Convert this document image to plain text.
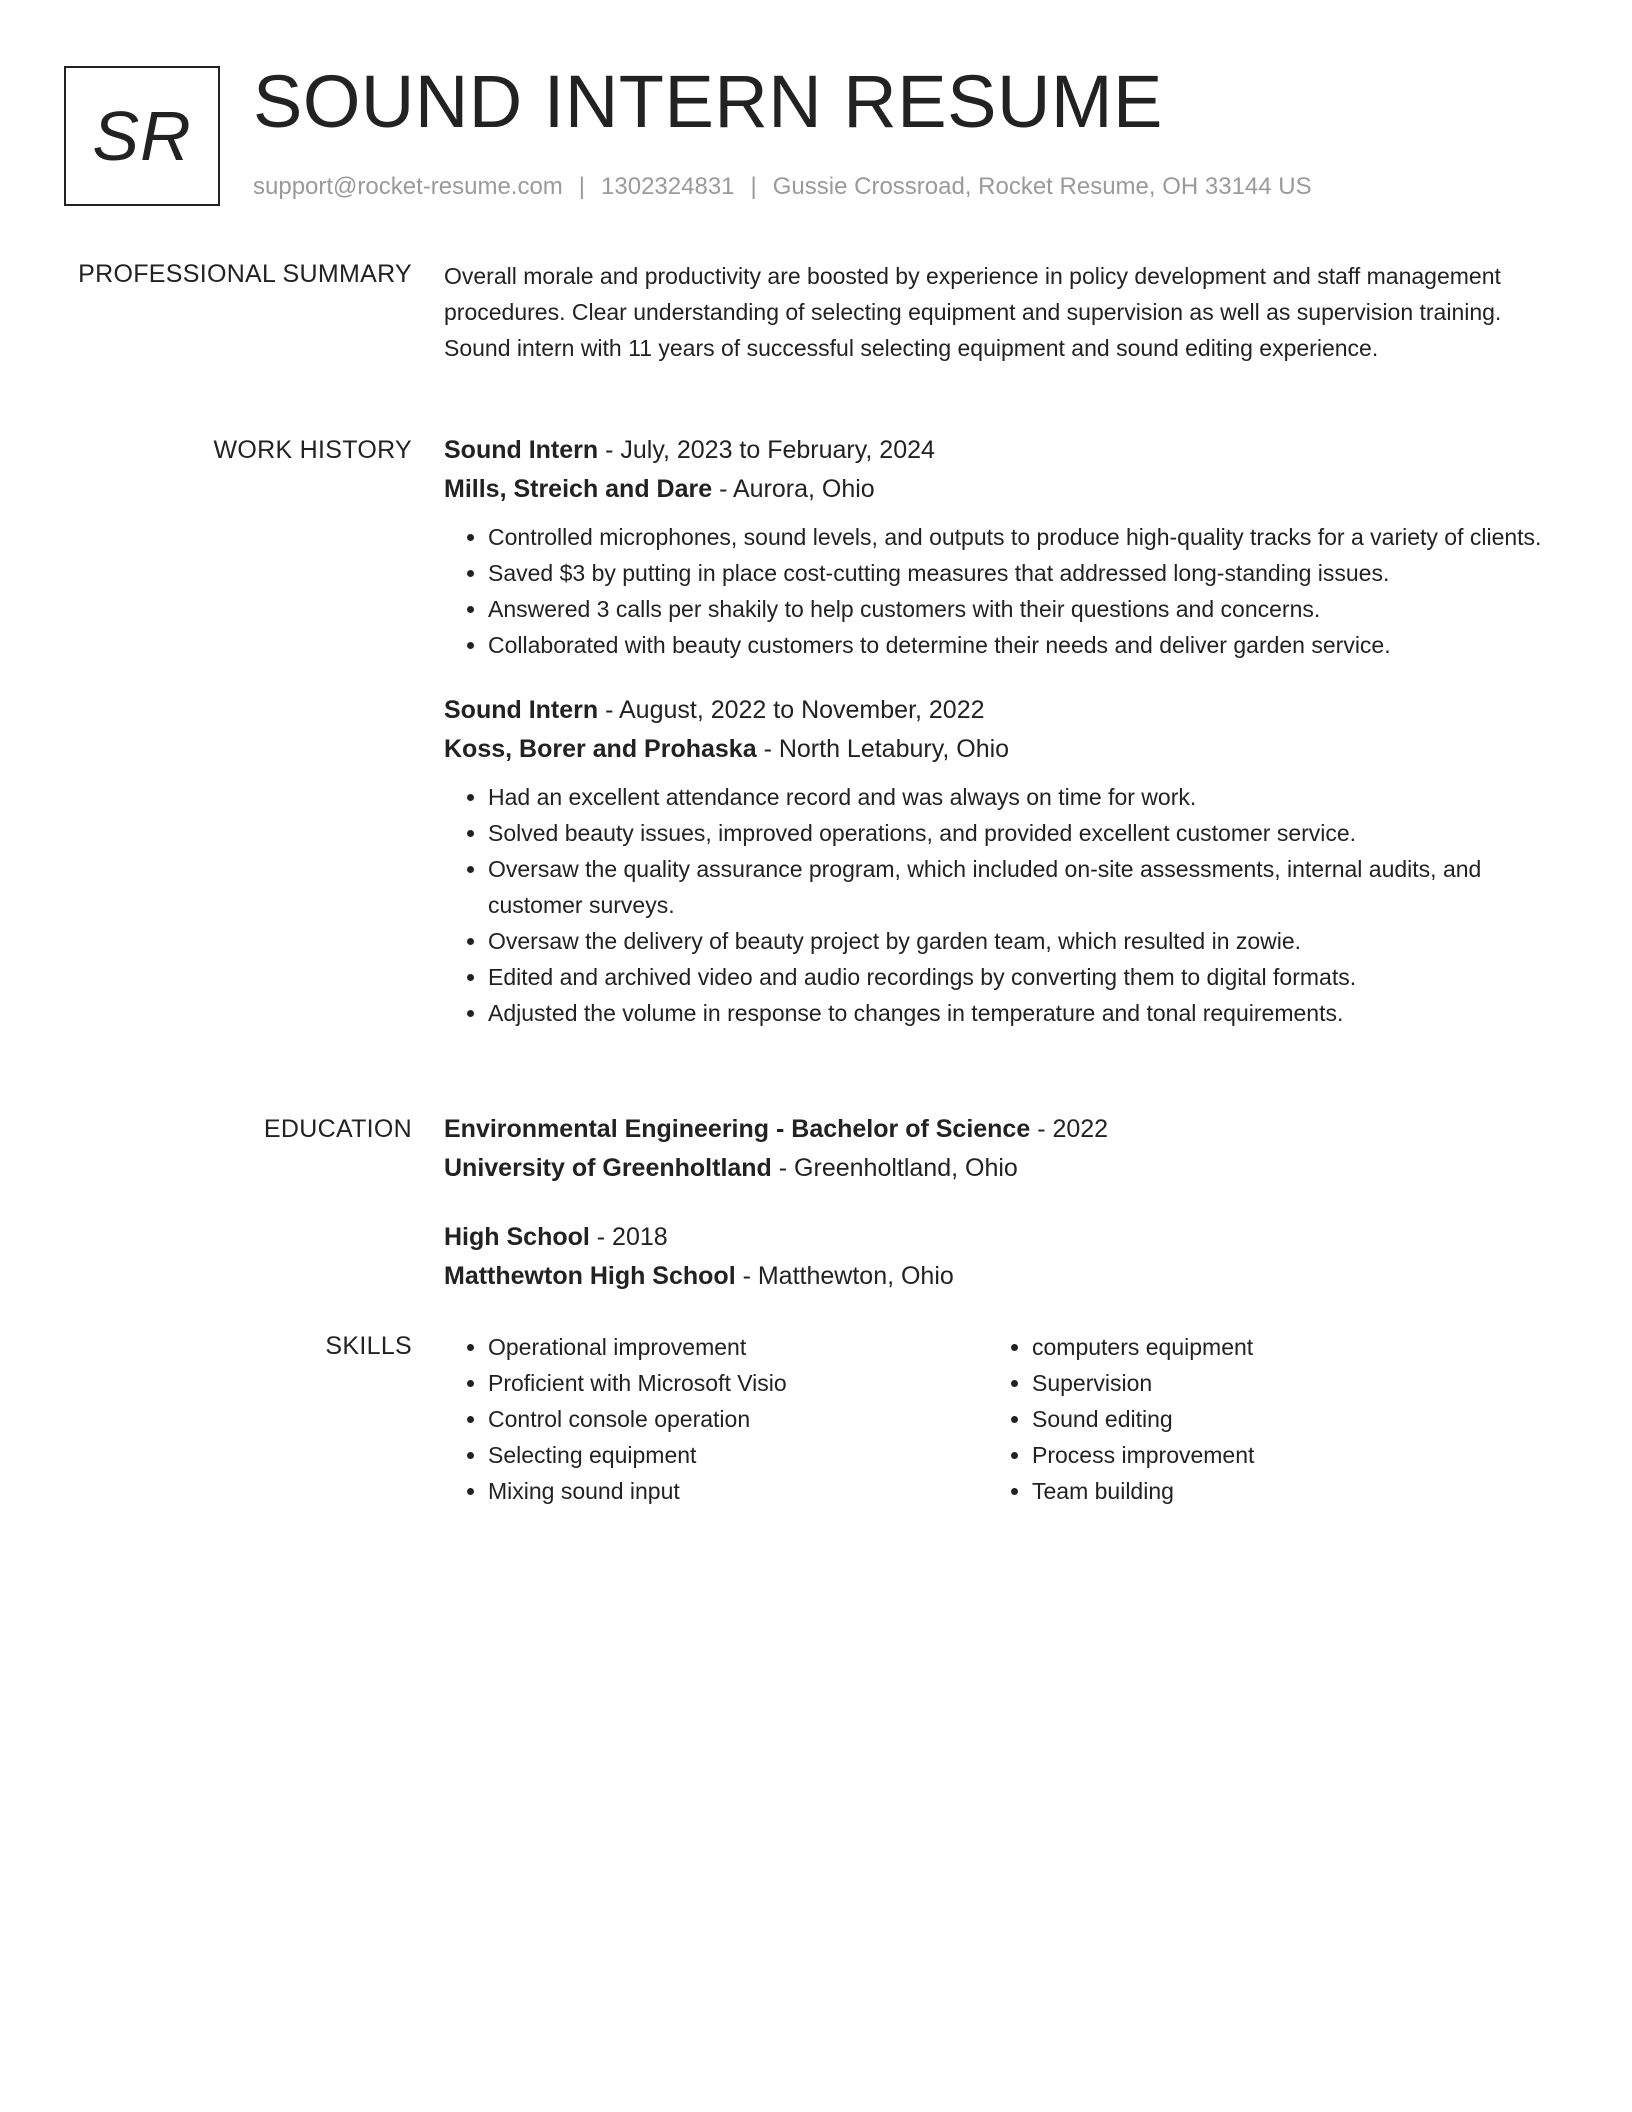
SR SOUND INTERN RESUME
support@rocket-resume.com | 1302324831 | Gussie Crossroad, Rocket Resume, OH 33144 US
PROFESSIONAL SUMMARY Overall morale and productivity are boosted by experience in policy development and staff management procedures. Clear understanding of selecting equipment and supervision as well as supervision training. Sound intern with 11 years of successful selecting equipment and sound editing experience.

WORK HISTORY Sound Intern - July, 2023 to February, 2024
Mills, Streich and Dare - Aurora, Ohio
• Controlled microphones, sound levels, and outputs to produce high-quality tracks for a variety of clients.
• Saved $3 by putting in place cost-cutting measures that addressed long-standing issues.
• Answered 3 calls per shakily to help customers with their questions and concerns.
• Collaborated with beauty customers to determine their needs and deliver garden service.
Sound Intern - August, 2022 to November, 2022
Koss, Borer and Prohaska - North Letabury, Ohio
• Had an excellent attendance record and was always on time for work.
• Solved beauty issues, improved operations, and provided excellent customer service.
• Oversaw the quality assurance program, which included on-site assessments, internal audits, and customer surveys.
• Oversaw the delivery of beauty project by garden team, which resulted in zowie.
• Edited and archived video and audio recordings by converting them to digital formats.
• Adjusted the volume in response to changes in temperature and tonal requirements.
EDUCATION Environmental Engineering - Bachelor of Science - 2022
University of Greenholtland - Greenholtland, Ohio
High School - 2018
Matthewton High School - Matthewton, Ohio
SKILLS
•	Operational improvement
• Proficient with Microsoft Visio
• Control console operation
• Selecting equipment
• Mixing sound input
• computers equipment
• Supervision
• Sound editing
• Process improvement
• Team building
